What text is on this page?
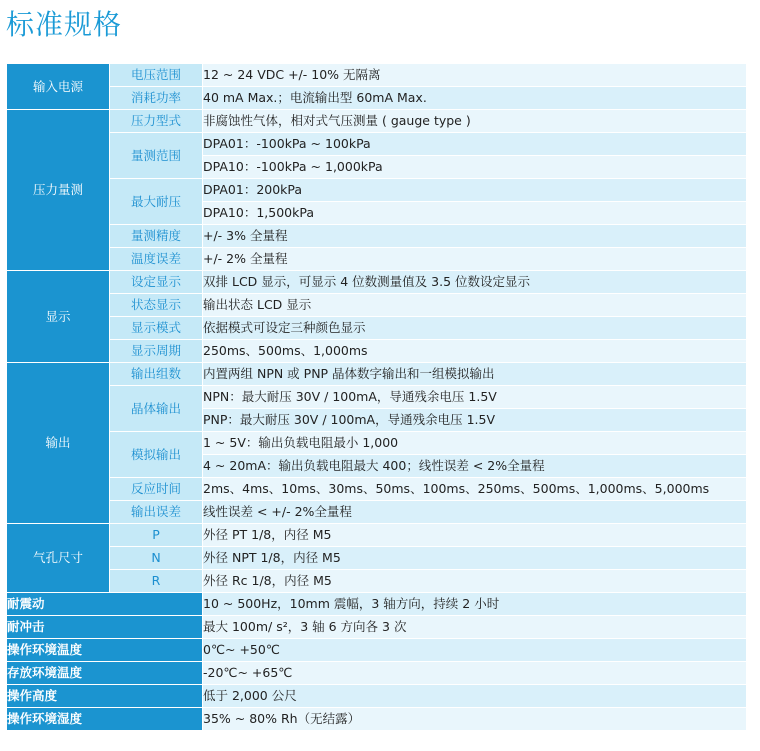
标准规格
输入电源	电压范围	12 ~ 24 VDC +/- 10% 无隔离
	消耗功率	40 mA Max.；电流输出型 60mA Max.
压力量测	压力型式	非腐蚀性气体，相对式气压测量 ( gauge type )
	量测范围	DPA01：-100kPa ~ 100kPa
		DPA10：-100kPa ~ 1,000kPa
	最大耐压	DPA01：200kPa
		DPA10：1,500kPa
	量测精度	+/- 3% 全量程
	温度误差	+/- 2% 全量程
显示	设定显示	双排 LCD 显示，可显示 4 位数测量值及 3.5 位数设定显示
	状态显示	输出状态 LCD 显示
	显示模式	依据模式可设定三种颜色显示
	显示周期	250ms、500ms、1,000ms
输出	输出组数	内置两组 NPN 或 PNP 晶体数字输出和一组模拟输出
	晶体输出	NPN：最大耐压 30V / 100mA，导通残余电压 1.5V
		PNP：最大耐压 30V / 100mA，导通残余电压 1.5V
	模拟输出	1 ~ 5V：输出负载电阻最小 1,000
		4 ~ 20mA：输出负载电阻最大 400；线性误差 < 2%全量程
	反应时间	2ms、4ms、10ms、30ms、50ms、100ms、250ms、500ms、1,000ms、5,000ms
	输出误差	线性误差 < +/- 2%全量程
气孔尺寸	P	外径 PT 1/8，内径 M5
	N	外径 NPT 1/8，内径 M5
	R	外径 Rc 1/8，内径 M5
耐震动		10 ~ 500Hz，10mm 震幅，3 轴方向，持续 2 小时
耐冲击		最大 100m/ s²，3 轴 6 方向各 3 次
操作环境温度		0℃~ +50℃
存放环境温度		-20℃~ +65℃
操作高度		低于 2,000 公尺
操作环境湿度		35% ~ 80% Rh（无结露）
